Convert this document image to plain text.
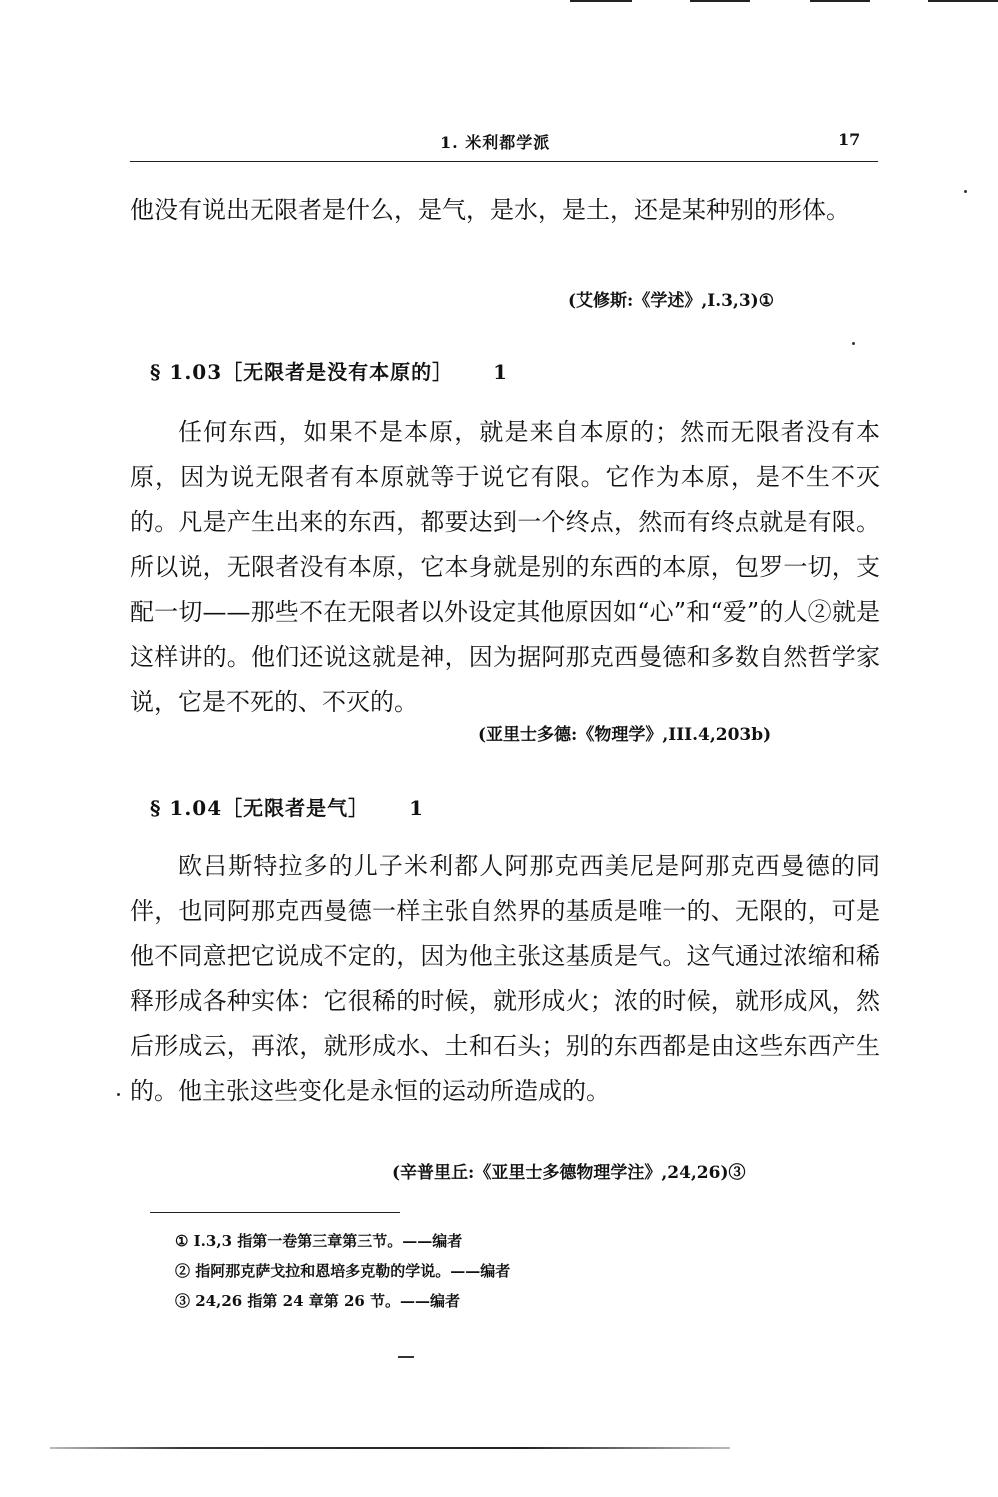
1. 米利都学派	17
他没有说出无限者是什么，是气，是水，是土，还是某种别的形体。
(艾修斯:《学述》,I.3,3)①
§ 1.03［无限者是没有本原的］ 1
任何东西，如果不是本原，就是来自本原的；然而无限者没有本原，因为说无限者有本原就等于说它有限。它作为本原，是不生不灭的。凡是产生出来的东西，都要达到一个终点，然而有终点就是有限。所以说，无限者没有本原，它本身就是别的东西的本原，包罗一切，支配一切——那些不在无限者以外设定其他原因如“心”和“爱”的人②就是这样讲的。他们还说这就是神，因为据阿那克西曼德和多数自然哲学家说，它是不死的、不灭的。
(亚里士多德:《物理学》,III.4,203b)
§ 1.04［无限者是气］ 1
欧吕斯特拉多的儿子米利都人阿那克西美尼是阿那克西曼德的同伴，也同阿那克西曼德一样主张自然界的基质是唯一的、无限的，可是他不同意把它说成不定的，因为他主张这基质是气。这气通过浓缩和稀释形成各种实体：它很稀的时候，就形成火；浓的时候，就形成风，然后形成云，再浓，就形成水、土和石头；别的东西都是由这些东西产生的。他主张这些变化是永恒的运动所造成的。
(辛普里丘:《亚里士多德物理学注》,24,26)③
① I.3,3 指第一卷第三章第三节。——编者
② 指阿那克萨戈拉和恩培多克勒的学说。——编者
③ 24,26 指第 24 章第 26 节。——编者
